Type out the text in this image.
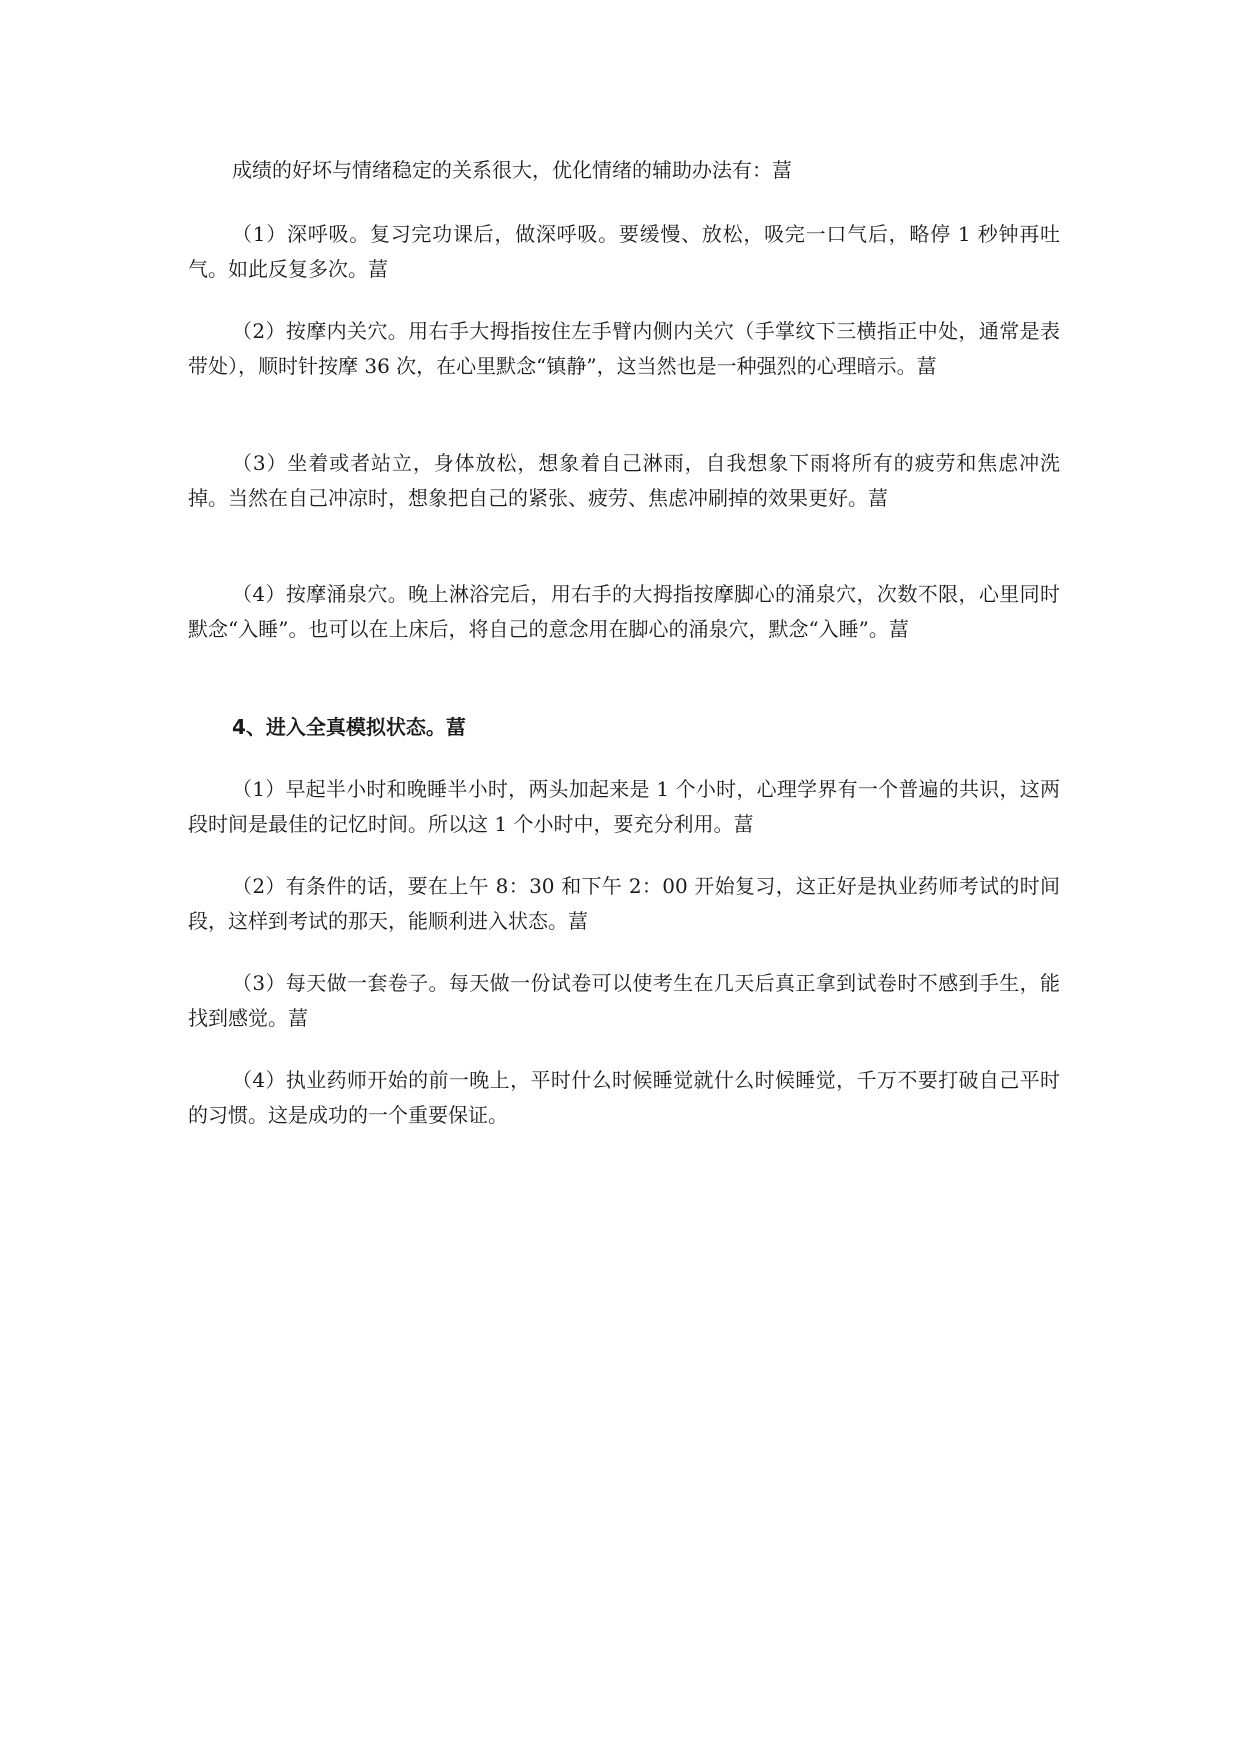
成绩的好坏与情绪稳定的关系很大，优化情绪的辅助办法有：葍

（1）深呼吸。复习完功课后，做深呼吸。要缓慢、放松，吸完一口气后，略停 1 秒钟再吐气。如此反复多次。葍

（2）按摩内关穴。用右手大拇指按住左手臂内侧内关穴（手掌纹下三横指正中处，通常是表带处），顺时针按摩 36 次，在心里默念“镇静”，这当然也是一种强烈的心理暗示。葍

（3）坐着或者站立，身体放松，想象着自己淋雨，自我想象下雨将所有的疲劳和焦虑冲洗掉。当然在自己冲凉时，想象把自己的紧张、疲劳、焦虑冲刷掉的效果更好。葍

（4）按摩涌泉穴。晚上淋浴完后，用右手的大拇指按摩脚心的涌泉穴，次数不限，心里同时默念“入睡”。也可以在上床后，将自己的意念用在脚心的涌泉穴，默念“入睡”。葍

4、进入全真模拟状态。葍

（1）早起半小时和晚睡半小时，两头加起来是 1 个小时，心理学界有一个普遍的共识，这两段时间是最佳的记忆时间。所以这 1 个小时中，要充分利用。葍

（2）有条件的话，要在上午 8：30 和下午 2：00 开始复习，这正好是执业药师考试的时间段，这样到考试的那天，能顺利进入状态。葍

（3）每天做一套卷子。每天做一份试卷可以使考生在几天后真正拿到试卷时不感到手生，能找到感觉。葍

（4）执业药师开始的前一晚上，平时什么时候睡觉就什么时候睡觉，千万不要打破自己平时的习惯。这是成功的一个重要保证。
